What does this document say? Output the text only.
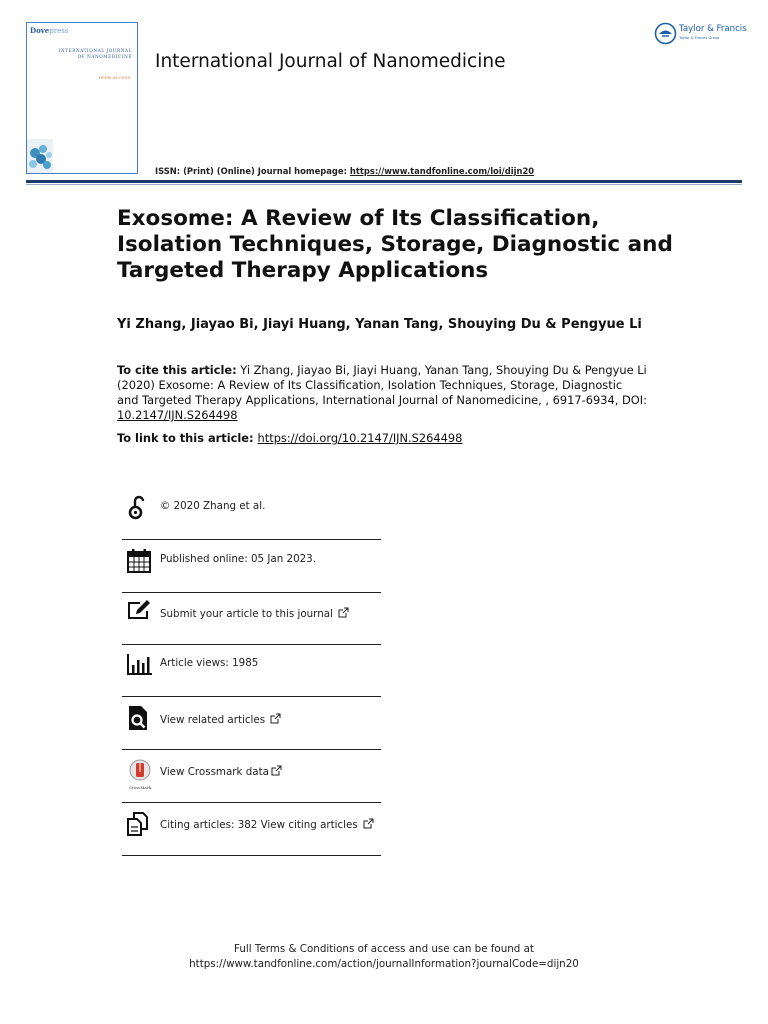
Dovepress
INTERNATIONAL JOURNAL
OF NANOMEDICINE
OPEN ACCESS
International Journal of Nanomedicine
ISSN: (Print) (Online) Journal homepage: https://www.tandfonline.com/loi/dijn20
Taylor & Francis
Taylor & Francis Group
Exosome: A Review of Its Classification, Isolation Techniques, Storage, Diagnostic and Targeted Therapy Applications
Yi Zhang, Jiayao Bi, Jiayi Huang, Yanan Tang, Shouying Du & Pengyue Li
To cite this article: Yi Zhang, Jiayao Bi, Jiayi Huang, Yanan Tang, Shouying Du & Pengyue Li (2020) Exosome: A Review of Its Classification, Isolation Techniques, Storage, Diagnostic and Targeted Therapy Applications, International Journal of Nanomedicine, , 6917-6934, DOI: 10.2147/IJN.S264498
To link to this article: https://doi.org/10.2147/IJN.S264498
© 2020 Zhang et al.
Published online: 05 Jan 2023.
Submit your article to this journal
Article views: 1985
View related articles
CrossMark
View Crossmark data
Citing articles: 382 View citing articles
Full Terms & Conditions of access and use can be found at
https://www.tandfonline.com/action/journalInformation?journalCode=dijn20
